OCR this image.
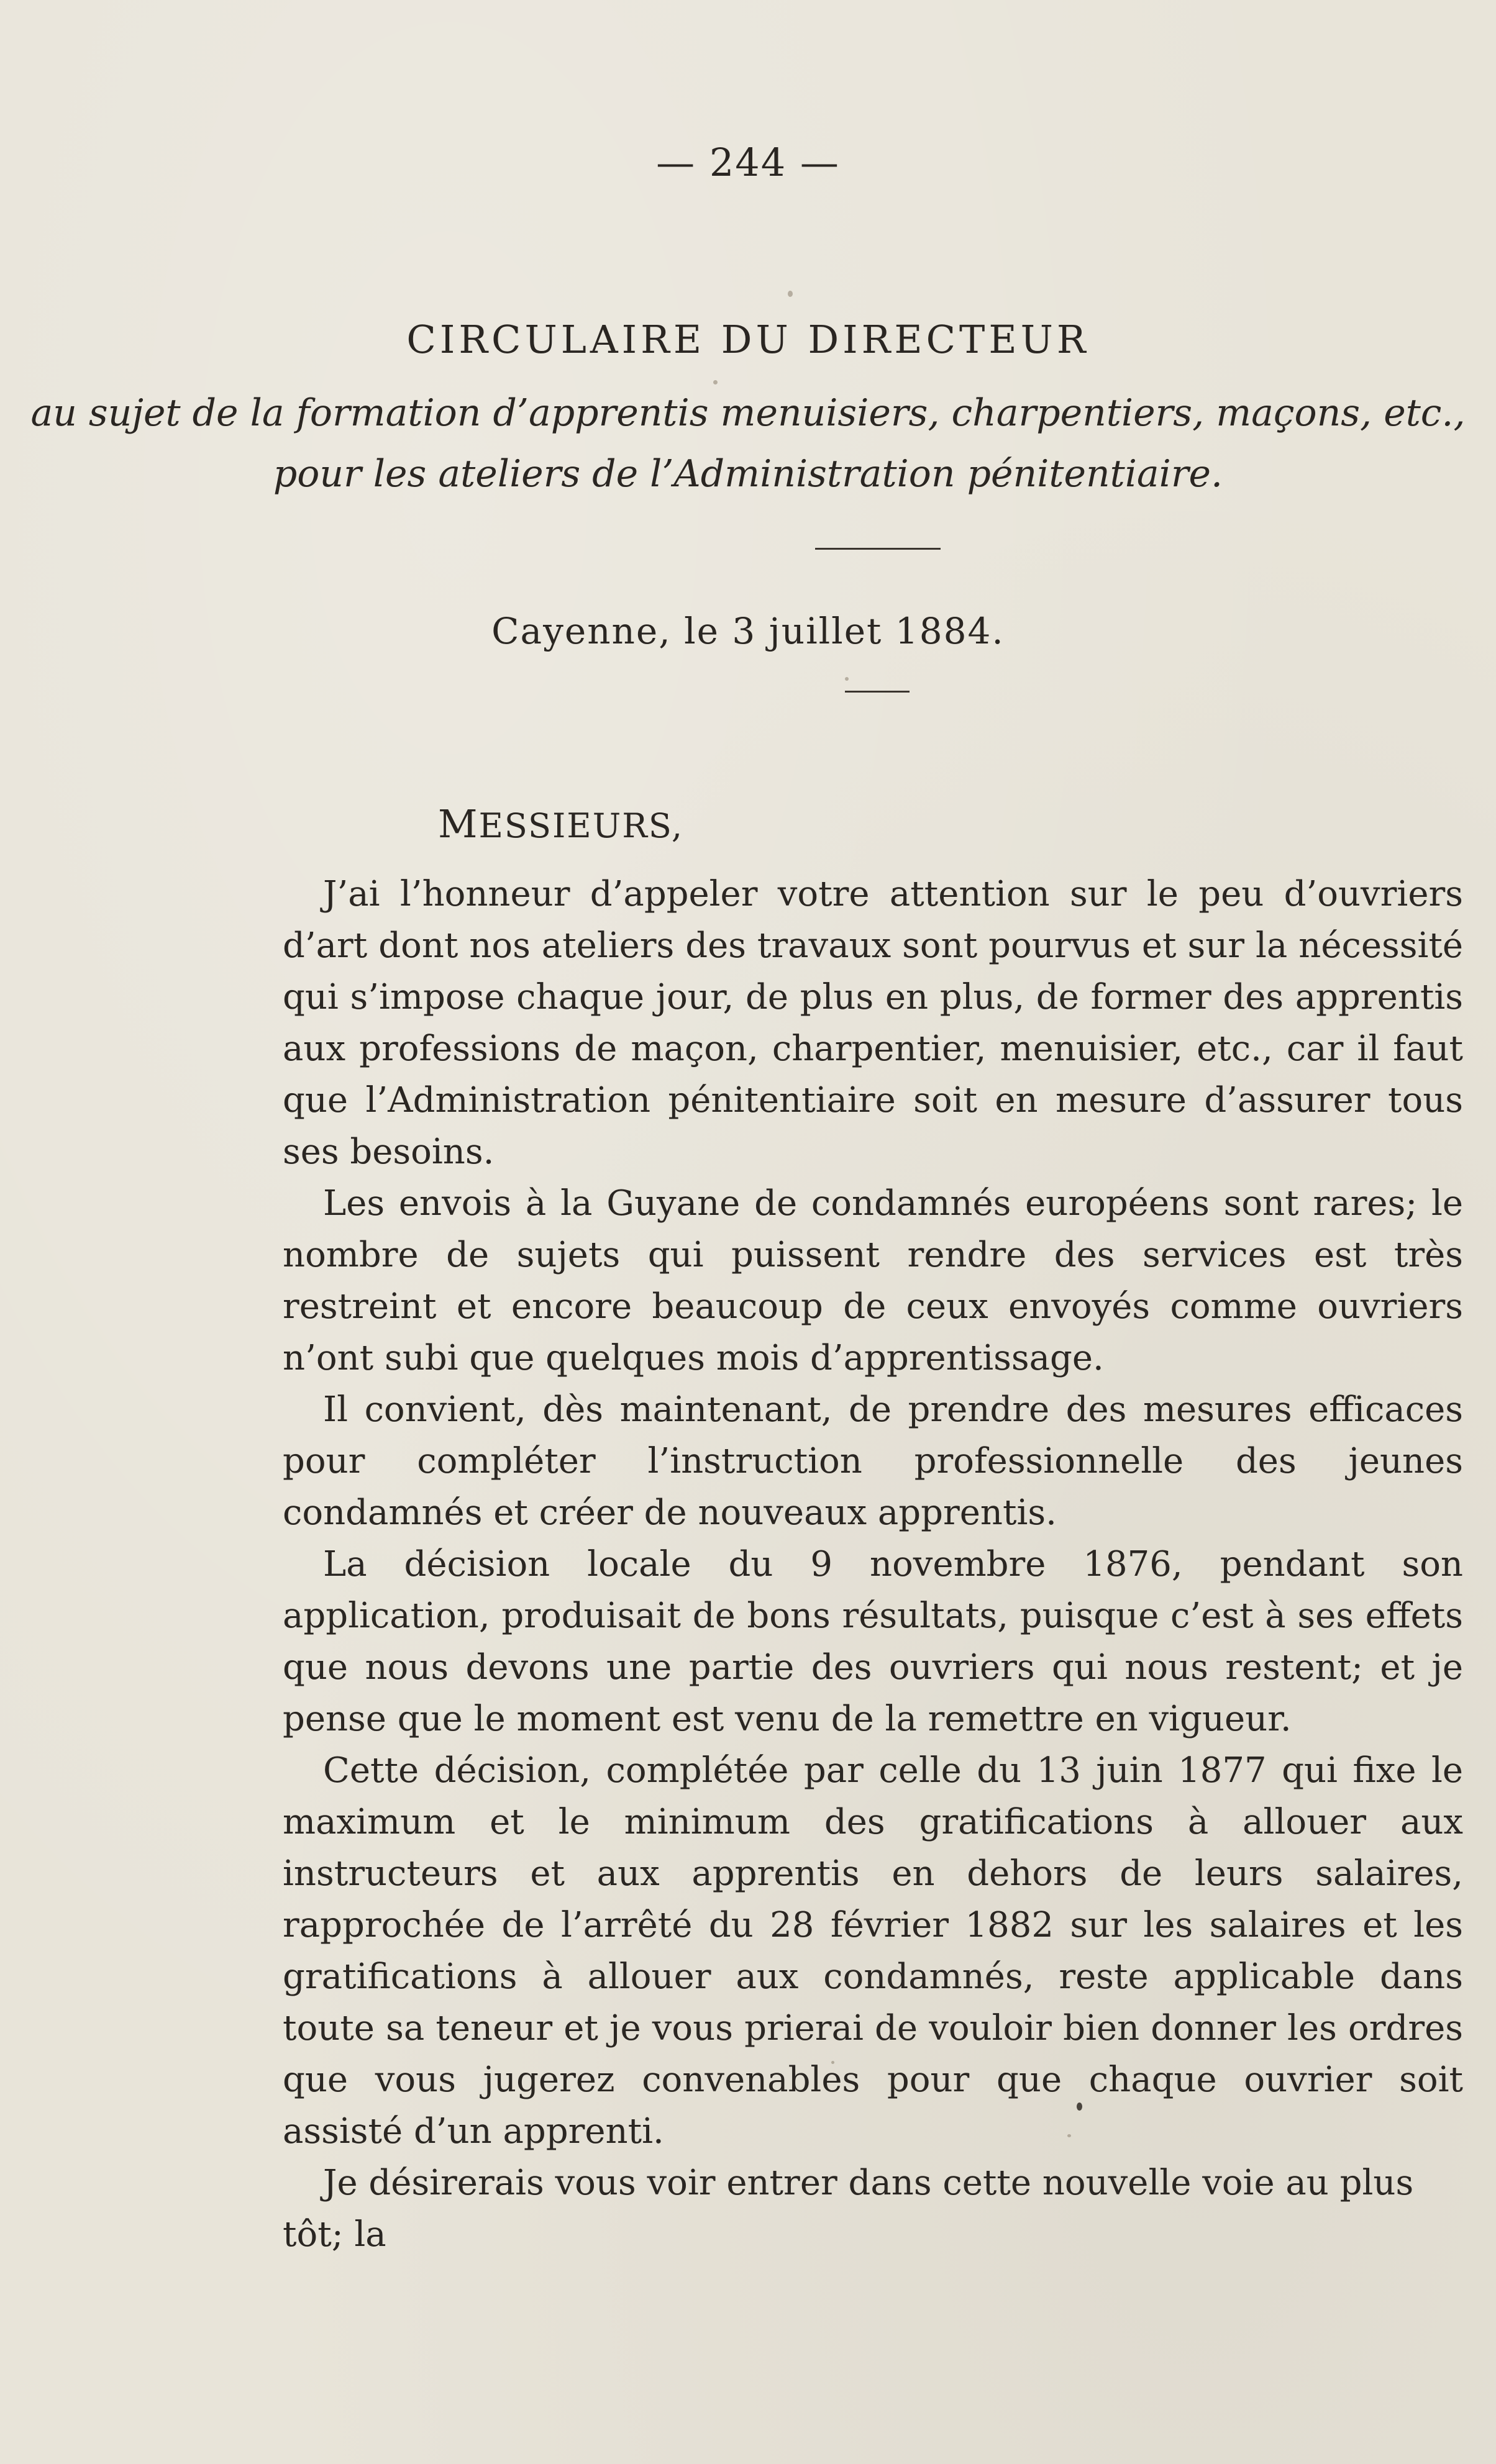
— 244 —
CIRCULAIRE DU DIRECTEUR
au sujet de la formation d’apprentis menuisiers, charpentiers, maçons, etc.,
pour les ateliers de l’Administration pénitentiaire.
Cayenne, le 3 juillet 1884.
MESSIEURS,

J’ai l’honneur d’appeler votre attention sur le peu d’ouvriers d’art dont nos ateliers des travaux sont pourvus et sur la nécessité qui s’impose chaque jour, de plus en plus, de former des apprentis aux professions de maçon, charpentier, menuisier, etc., car il faut que l’Administration pénitentiaire soit en mesure d’assurer tous ses besoins.

Les envois à la Guyane de condamnés européens sont rares; le nombre de sujets qui puissent rendre des services est très restreint et encore beaucoup de ceux envoyés comme ouvriers n’ont subi que quelques mois d’apprentissage.

Il convient, dès maintenant, de prendre des mesures efficaces pour compléter l’instruction professionnelle des jeunes condamnés et créer de nouveaux apprentis.

La décision locale du 9 novembre 1876, pendant son application, produisait de bons résultats, puisque c’est à ses effets que nous devons une partie des ouvriers qui nous restent; et je pense que le moment est venu de la remettre en vigueur.

Cette décision, complétée par celle du 13 juin 1877 qui fixe le maximum et le minimum des gratifications à allouer aux instructeurs et aux apprentis en dehors de leurs salaires, rapprochée de l’arrêté du 28 février 1882 sur les salaires et les gratifications à allouer aux condamnés, reste applicable dans toute sa teneur et je vous prierai de vouloir bien donner les ordres que vous jugerez convenables pour que chaque ouvrier soit assisté d’un apprenti.

Je désirerais vous voir entrer dans cette nouvelle voie au plus tôt; la
